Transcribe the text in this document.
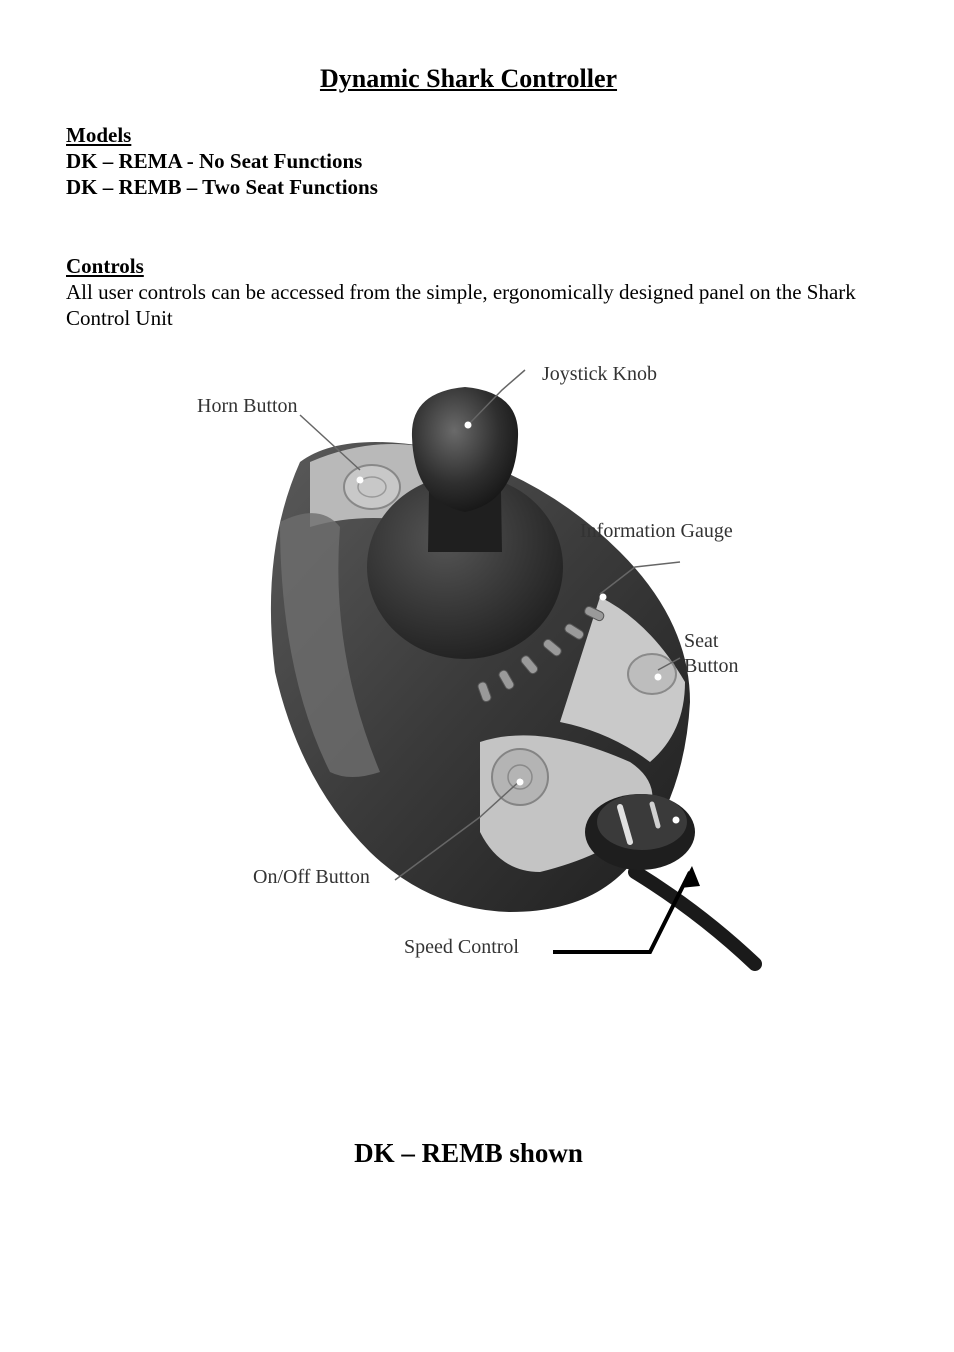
Dynamic Shark Controller
Models
DK – REMA - No Seat Functions
DK – REMB – Two Seat Functions
Controls
All user controls can be accessed from the simple, ergonomically designed panel on the Shark Control Unit
Joystick Knob
Horn Button
Information Gauge
Seat
Button
On/Off Button
Speed Control

DK – REMB shown
